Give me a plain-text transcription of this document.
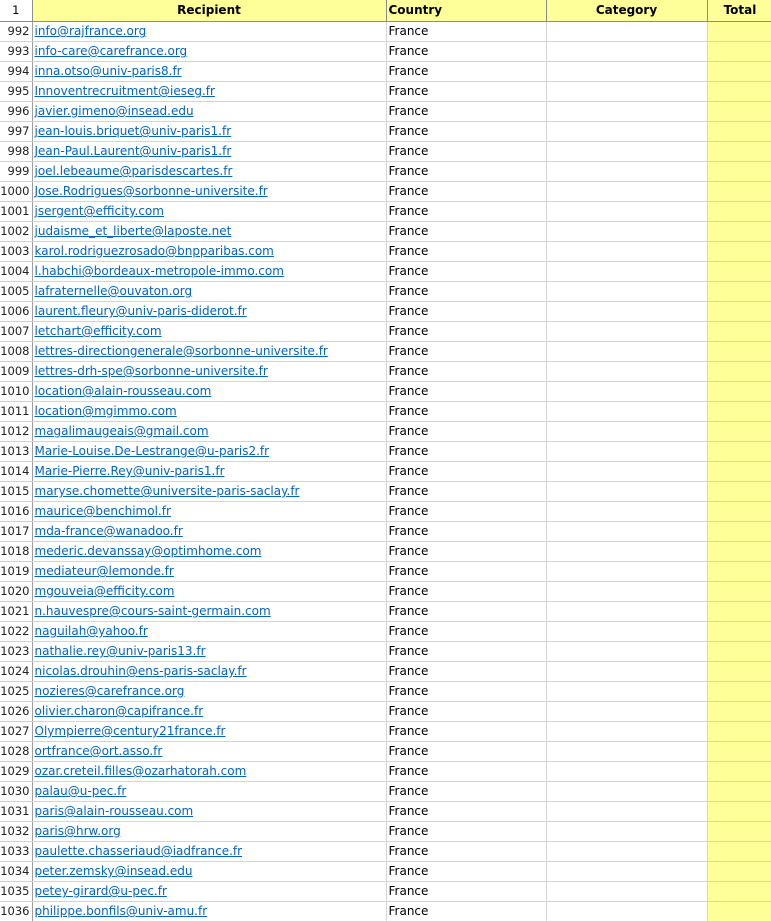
1	Recipient	Country	Category	Total
992	info@rajfrance.org	France		
993	info-care@carefrance.org	France		
994	inna.otso@univ-paris8.fr	France		
995	Innoventrecruitment@ieseg.fr	France		
996	javier.gimeno@insead.edu	France		
997	jean-louis.briquet@univ-paris1.fr	France		
998	Jean-Paul.Laurent@univ-paris1.fr	France		
999	joel.lebeaume@parisdescartes.fr	France		
1000	Jose.Rodrigues@sorbonne-universite.fr	France		
1001	jsergent@efficity.com	France		
1002	judaisme_et_liberte@laposte.net	France		
1003	karol.rodriguezrosado@bnpparibas.com	France		
1004	l.habchi@bordeaux-metropole-immo.com	France		
1005	lafraternelle@ouvaton.org	France		
1006	laurent.fleury@univ-paris-diderot.fr	France		
1007	letchart@efficity.com	France		
1008	lettres-directiongenerale@sorbonne-universite.fr	France		
1009	lettres-drh-spe@sorbonne-universite.fr	France		
1010	location@alain-rousseau.com	France		
1011	location@mgimmo.com	France		
1012	magalimaugeais@gmail.com	France		
1013	Marie-Louise.De-Lestrange@u-paris2.fr	France		
1014	Marie-Pierre.Rey@univ-paris1.fr	France		
1015	maryse.chomette@universite-paris-saclay.fr	France		
1016	maurice@benchimol.fr	France		
1017	mda-france@wanadoo.fr	France		
1018	mederic.devanssay@optimhome.com	France		
1019	mediateur@lemonde.fr	France		
1020	mgouveia@efficity.com	France		
1021	n.hauvespre@cours-saint-germain.com	France		
1022	naguilah@yahoo.fr	France		
1023	nathalie.rey@univ-paris13.fr	France		
1024	nicolas.drouhin@ens-paris-saclay.fr	France		
1025	nozieres@carefrance.org	France		
1026	olivier.charon@capifrance.fr	France		
1027	Olympierre@century21france.fr	France		
1028	ortfrance@ort.asso.fr	France		
1029	ozar.creteil.filles@ozarhatorah.com	France		
1030	palau@u-pec.fr	France		
1031	paris@alain-rousseau.com	France		
1032	paris@hrw.org	France		
1033	paulette.chasseriaud@iadfrance.fr	France		
1034	peter.zemsky@insead.edu	France		
1035	petey-girard@u-pec.fr	France		
1036	philippe.bonfils@univ-amu.fr	France		
